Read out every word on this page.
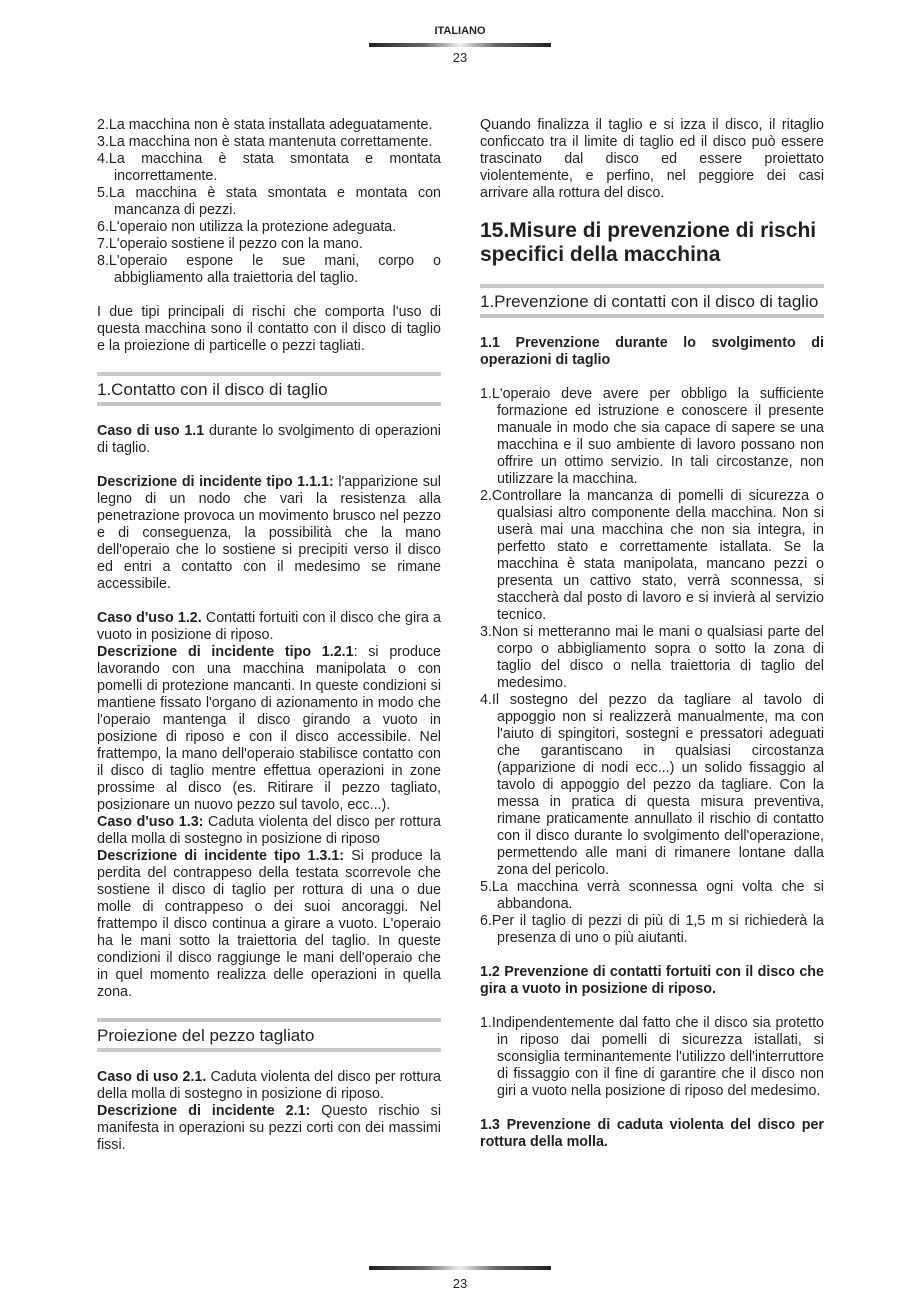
ITALIANO
23
2.La macchina non è stata installata adeguatamente.
3.La macchina non è stata mantenuta correttamente.
4.La macchina è stata smontata e montata incorrettamente.
5.La macchina è stata smontata e montata con mancanza di pezzi.
6.L'operaio non utilizza la protezione adeguata.
7.L'operaio sostiene il pezzo con la mano.
8.L'operaio espone le sue mani, corpo o abbigliamento alla traiettoria del taglio.

I due tipi principali di rischi che comporta l'uso di questa macchina sono il contatto con il disco di taglio e la proiezione di particelle o pezzi tagliati.

1.Contatto con il disco di taglio

Caso di uso 1.1 durante lo svolgimento di operazioni di taglio.

Descrizione di incidente tipo 1.1.1: l'apparizione sul legno di un nodo che vari la resistenza alla penetrazione provoca un movimento brusco nel pezzo e di conseguenza, la possibilità che la mano dell'operaio che lo sostiene si precipiti verso il disco ed entri a contatto con il medesimo se rimane accessibile.

Caso d'uso 1.2. Contatti fortuiti con il disco che gira a vuoto in posizione di riposo.

Descrizione di incidente tipo 1.2.1: si produce lavorando con una macchina manipolata o con pomelli di protezione mancanti. In queste condizioni si mantiene fissato l'organo di azionamento in modo che l'operaio mantenga il disco girando a vuoto in posizione di riposo e con il disco accessibile. Nel frattempo, la mano dell'operaio stabilisce contatto con il disco di taglio mentre effettua operazioni in zone prossime al disco (es. Ritirare il pezzo tagliato, posizionare un nuovo pezzo sul tavolo, ecc...).

Caso d'uso 1.3: Caduta violenta del disco per rottura della molla di sostegno in posizione di riposo

Descrizione di incidente tipo 1.3.1: Si produce la perdita del contrappeso della testata scorrevole che sostiene il disco di taglio per rottura di una o due molle di contrappeso o dei suoi ancoraggi. Nel frattempo il disco continua a girare a vuoto. L'operaio ha le mani sotto la traiettoria del taglio. In queste condizioni il disco raggiunge le mani dell'operaio che in quel momento realizza delle operazioni in quella zona.

Proiezione del pezzo tagliato

Caso di uso 2.1. Caduta violenta del disco per rottura della molla di sostegno in posizione di riposo.

Descrizione di incidente 2.1: Questo rischio si manifesta in operazioni su pezzi corti con dei massimi fissi.

Quando finalizza il taglio e si izza il disco, il ritaglio conficcato tra il limite di taglio ed il disco può essere trascinato dal disco ed essere proiettato violentemente, e perfino, nel peggiore dei casi arrivare alla rottura del disco.

15.Misure di prevenzione di rischi specifici della macchina
1.Prevenzione di contatti con il disco di taglio

1.1 Prevenzione durante lo svolgimento di operazioni di taglio

1.L'operaio deve avere per obbligo la sufficiente formazione ed istruzione e conoscere il presente manuale in modo che sia capace di sapere se una macchina e il suo ambiente di lavoro possano non offrire un ottimo servizio. In tali circostanze, non utilizzare la macchina.
2.Controllare la mancanza di pomelli di sicurezza o qualsiasi altro componente della macchina. Non si userà mai una macchina che non sia integra, in perfetto stato e correttamente istallata. Se la macchina è stata manipolata, mancano pezzi o presenta un cattivo stato, verrà sconnessa, si staccherà dal posto di lavoro e si invierà al servizio tecnico.
3.Non si metteranno mai le mani o qualsiasi parte del corpo o abbigliamento sopra o sotto la zona di taglio del disco o nella traiettoria di taglio del medesimo.
4.Il sostegno del pezzo da tagliare al tavolo di appoggio non si realizzerà manualmente, ma con l'aiuto di spingitori, sostegni e pressatori adeguati che garantiscano in qualsiasi circostanza (apparizione di nodi ecc...) un solido fissaggio al tavolo di appoggio del pezzo da tagliare. Con la messa in pratica di questa misura preventiva, rimane praticamente annullato il rischio di contatto con il disco durante lo svolgimento dell'operazione, permettendo alle mani di rimanere lontane dalla zona del pericolo.
5.La macchina verrà sconnessa ogni volta che si abbandona.
6.Per il taglio di pezzi di più di 1,5 m si richiederà la presenza di uno o più aiutanti.

1.2 Prevenzione di contatti fortuiti con il disco che gira a vuoto in posizione di riposo.

1.Indipendentemente dal fatto che il disco sia protetto in riposo dai pomelli di sicurezza istallati, si sconsiglia terminantemente l'utilizzo dell'interruttore di fissaggio con il fine di garantire che il disco non giri a vuoto nella posizione di riposo del medesimo.

1.3 Prevenzione di caduta violenta del disco per rottura della molla.

23
